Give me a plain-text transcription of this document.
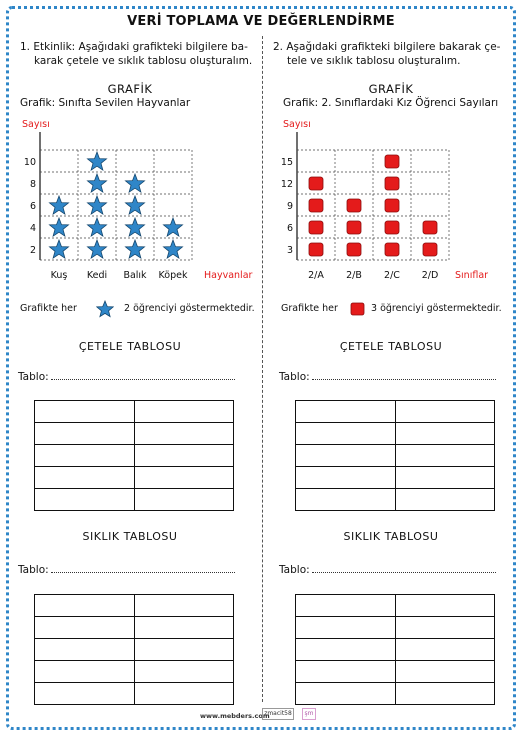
VERİ TOPLAMA VE DEĞERLENDİRME
1. Etkinlik: Aşağıdaki grafikteki bilgilere ba-
karak çetele ve sıklık tablosu oluşturalım.
GRAFİK
Grafik: Sınıfta Sevilen Hayvanlar
Sayısı
2
4
6
8
10
Kuş Kedi Balık Köpek Hayvanlar
Grafikte her	2 öğrenciyi göstermektedir.
ÇETELE TABLOSU
Tablo:

SIKLIK TABLOSU
Tablo:

2. Aşağıdaki grafikteki bilgilere bakarak çe-
tele ve sıklık tablosu oluşturalım.
GRAFİK
Grafik: 2. Sınıflardaki Kız Öğrenci Sayıları
Sayısı
3
6
9
12
15
2/A 2/B 2/C 2/D Sınıflar
Grafikte her	3 öğrenciyi göstermektedir.
ÇETELE TABLOSU
Tablo:

SIKLIK TABLOSU
Tablo:

www.mebders.com
zmacit58	şm
